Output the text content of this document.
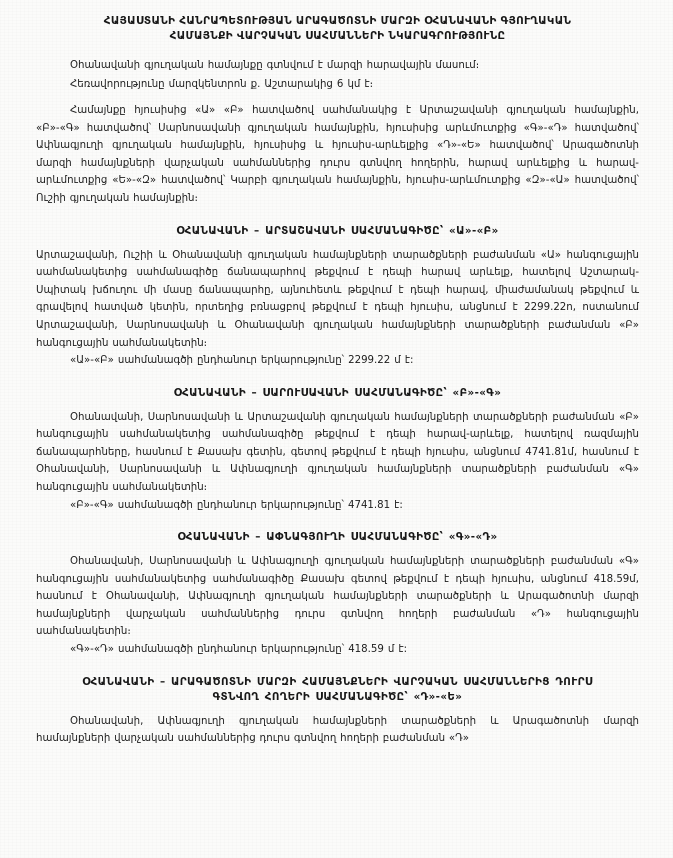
ՀԱՅԱՍՏԱՆԻ ՀԱՆՐԱՊԵՏՈՒԹՅԱՆ ԱՐԱԳԱԾՈՏՆԻ ՄԱՐԶԻ ՕՀԱՆԱՎԱՆԻ ԳՅՈՒՂԱԿԱՆ
ՀԱՄԱՅՆՔԻ ՎԱՐՉԱԿԱՆ ՍԱՀՄԱՆՆԵՐԻ ՆԿԱՐԱԳՐՈՒԹՅՈՒՆԸ

Օհանավանի գյուղական համայնքը գտնվում է մարզի հարավային մասում։

Հեռավորությունը մարզկենտրոն ք. Աշտարակից 6 կմ է։

Համայնքը հյուսիսից «Ա» «Բ» հատվածով սահմանակից է Արտաշավանի գյուղական համայնքին, «Բ»-«Գ» հատվածով՝ Սարնոսավանի գյուղական համայնքին, հյուսիսից արևմուտքից «Գ»-«Դ» հատվածով՝ Ափնագյուղի գյուղական համայնքին, հյուսիսից և հյուսիս-արևելքից «Դ»-«Ե» հատվածով՝ Արագածոտնի մարզի համայնքների վարչական սահմաններից դուրս գտնվող հողերին, հարավ արևելքից և հարավ-արևմուտքից «Ե»-«Զ» հատվածով՝ Կարբի գյուղական համայնքին, հյուսիս-արևմուտքից «Զ»-«Ա» հատվածով՝ Ուշիի գյուղական համայնքին։

ՕՀԱՆԱՎԱՆԻ – ԱՐՏԱՇԱՎԱՆԻ ՍԱՀՄԱՆԱԳԻԾԸ՝ «Ա»-«Բ»

Արտաշավանի, Ուշիի և Օհանավանի գյուղական համայնքների տարածքների բաժանման «Ա» հանգուցային սահմանակետից սահմանագիծը ճանապարհով թեքվում է դեպի հարավ արևելք, հատելով Աշտարակ-Սպիտակ խճուղու մի մասը ճանապարհը, այնուհետև թեքվում է դեպի հարավ, միաժամանակ թեքվում և գրավելով հատված կետին, որտեղից բռնացբով թեքվում է դեպի հյուսիս, անցնում է 2299.22ո, ոստանում Արտաշավանի, Սարնոսավանի և Օհանավանի գյուղական համայնքների տարածքների բաժանման «Բ» հանգուցային սահմանակետին։

«Ա»-«Բ» սահմանագծի ընդհանուր երկարությունը՝ 2299.22 մ է:

ՕՀԱՆԱՎԱՆԻ – ՍԱՐՈՒՍԱՎԱՆԻ ՍԱՀՄԱՆԱԳԻԾԸ՝ «Բ»-«Գ»

Օհանավանի, Սարնոսավանի և Արտաշավանի գյուղական համայնքների տարածքների բաժանման «Բ» հանգուցային սահմանակետից սահմանագիծը թեքվում է դեպի հարավ-արևելք, հատելով ռազմային ճանապարհները, հասնում է Քասախ գետին, գետով թեքվում է դեպի հյուսիս, անցնում 4741.81մ, հասնում է Օհանավանի, Սարնոսավանի և Ափնագյուղի գյուղական համայնքների տարածքների բաժանման «Գ» հանգուցային սահմանակետին։

«Բ»-«Գ» սահմանագծի ընդհանուր երկարությունը՝ 4741.81 է:

ՕՀԱՆԱՎԱՆԻ – ԱՓՆԱԳՅՈՒՂԻ ՍԱՀՄԱՆԱԳԻԾԸ՝ «Գ»-«Դ»

Օհանավանի, Սարնոսավանի և Ափնագյուղի գյուղական համայնքների տարածքների բաժանման «Գ» հանգուցային սահմանակետից սահմանագիծը Քասախ գետով թեքվում է դեպի հյուսիս, անցնում 418.59մ, հասնում է Օհանավանի, Ափնագյուղի գյուղական համայնքների տարածքների և Արագածոտնի մարզի համայնքների վարչական սահմաններից դուրս գտնվող հողերի բաժանման «Դ» հանգուցային սահմանակետին։

«Գ»-«Դ» սահմանագծի ընդհանուր երկարությունը՝ 418.59 մ է:

ՕՀԱՆԱՎԱՆԻ – ԱՐԱԳԱԾՈՏՆԻ ՄԱՐԶԻ ՀԱՄԱՅՆՔՆԵՐԻ ՎԱՐՉԱԿԱՆ ՍԱՀՄԱՆՆԵՐԻՑ ԴՈՒՐՍ
ԳՏՆՎՈՂ ՀՈՂԵՐԻ ՍԱՀՄԱՆԱԳԻԾԸ՝ «Դ»-«Ե»

Օհանավանի, Ափնագյուղի գյուղական համայնքների տարածքների և Արագածոտնի մարզի համայնքների վարչական սահմաններից դուրս գտնվող հողերի բաժանման «Դ»
